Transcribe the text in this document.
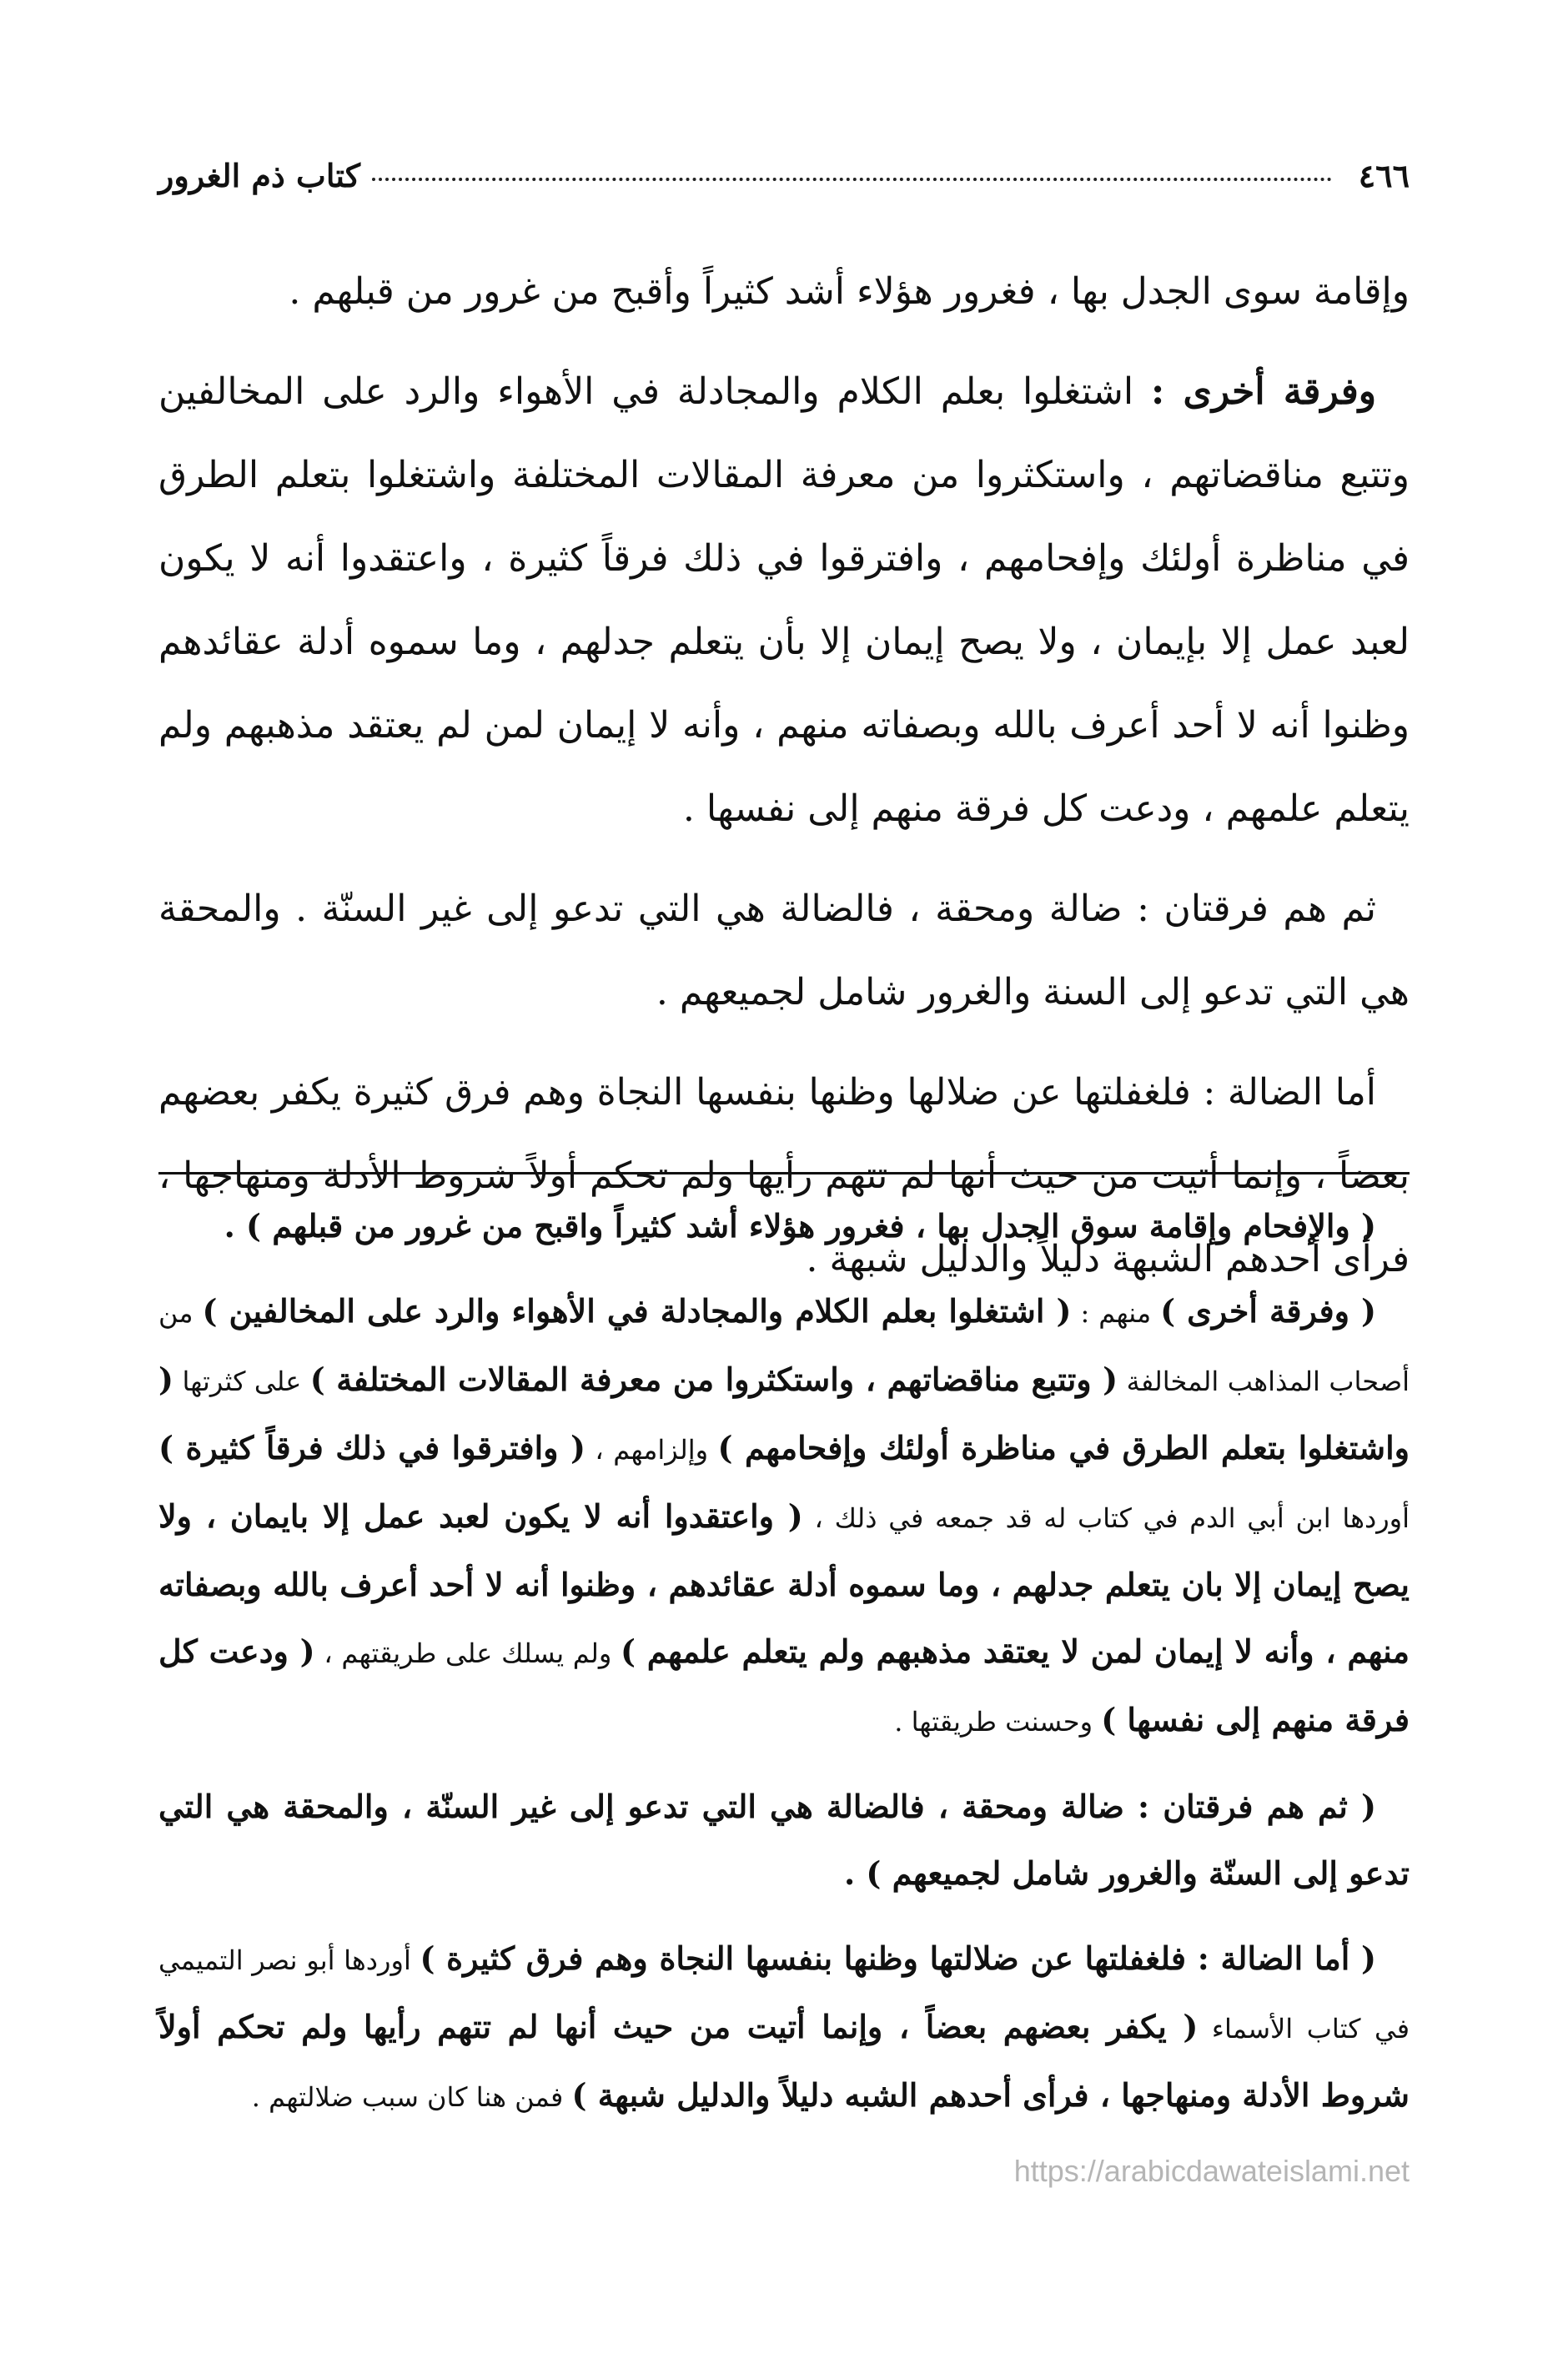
٤٦٦
كتاب ذم الغرور

وإقامة سوى الجدل بها ، فغرور هؤلاء أشد كثيراً وأقبح من غرور من قبلهم .

وفرقة أخرى : اشتغلوا بعلم الكلام والمجادلة في الأهواء والرد على المخالفين وتتبع مناقضاتهم ، واستكثروا من معرفة المقالات المختلفة واشتغلوا بتعلم الطرق في مناظرة أولئك وإفحامهم ، وافترقوا في ذلك فرقاً كثيرة ، واعتقدوا أنه لا يكون لعبد عمل إلا بإيمان ، ولا يصح إيمان إلا بأن يتعلم جدلهم ، وما سموه أدلة عقائدهم وظنوا أنه لا أحد أعرف بالله وبصفاته منهم ، وأنه لا إيمان لمن لم يعتقد مذهبهم ولم يتعلم علمهم ، ودعت كل فرقة منهم إلى نفسها .

ثم هم فرقتان : ضالة ومحقة ، فالضالة هي التي تدعو إلى غير السنّة . والمحقة هي التي تدعو إلى السنة والغرور شامل لجميعهم .

أما الضالة : فلغفلتها عن ضلالها وظنها بنفسها النجاة وهم فرق كثيرة يكفر بعضهم بعضاً ، وإنما أتيت من حيث أنها لم تتهم رأيها ولم تحكم أولاً شروط الأدلة ومنهاجها ، فرأى أحدهم الشبهة دليلاً والدليل شبهة .

( والإفحام وإقامة سوق الجدل بها ، فغرور هؤلاء أشد كثيراً واقبح من غرور من قبلهم ) .

( وفرقة أخرى ) منهم : ( اشتغلوا بعلم الكلام والمجادلة في الأهواء والرد على المخالفين ) من أصحاب المذاهب المخالفة ( وتتبع مناقضاتهم ، واستكثروا من معرفة المقالات المختلفة ) على كثرتها ( واشتغلوا بتعلم الطرق في مناظرة أولئك وإفحامهم ) وإلزامهم ، ( وافترقوا في ذلك فرقاً كثيرة ) أوردها ابن أبي الدم في كتاب له قد جمعه في ذلك ، ( واعتقدوا أنه لا يكون لعبد عمل إلا بايمان ، ولا يصح إيمان إلا بان يتعلم جدلهم ، وما سموه أدلة عقائدهم ، وظنوا أنه لا أحد أعرف بالله وبصفاته منهم ، وأنه لا إيمان لمن لا يعتقد مذهبهم ولم يتعلم علمهم ) ولم يسلك على طريقتهم ، ( ودعت كل فرقة منهم إلى نفسها ) وحسنت طريقتها .

( ثم هم فرقتان : ضالة ومحقة ، فالضالة هي التي تدعو إلى غير السنّة ، والمحقة هي التي تدعو إلى السنّة والغرور شامل لجميعهم ) .

( أما الضالة : فلغفلتها عن ضلالتها وظنها بنفسها النجاة وهم فرق كثيرة ) أوردها أبو نصر التميمي في كتاب الأسماء ( يكفر بعضهم بعضاً ، وإنما أتيت من حيث أنها لم تتهم رأيها ولم تحكم أولاً شروط الأدلة ومنهاجها ، فرأى أحدهم الشبه دليلاً والدليل شبهة ) فمن هنا كان سبب ضلالتهم .

https://arabicdawateislami.net
